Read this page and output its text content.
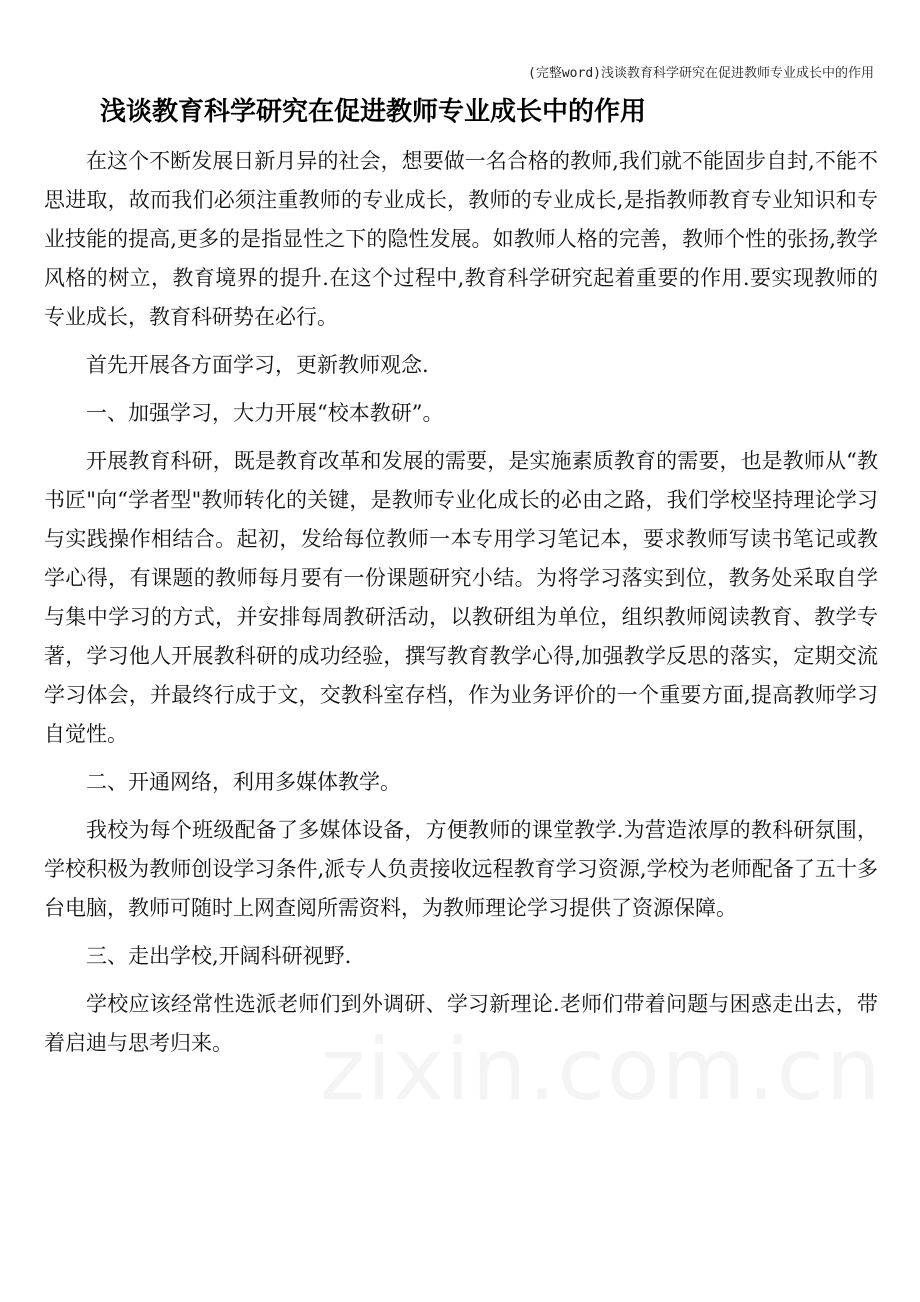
(完整word)浅谈教育科学研究在促进教师专业成长中的作用
浅谈教育科学研究在促进教师专业成长中的作用

在这个不断发展日新月异的社会，想要做一名合格的教师,我们就不能固步自封,不能不思进取，故而我们必须注重教师的专业成长，教师的专业成长,是指教师教育专业知识和专业技能的提高,更多的是指显性之下的隐性发展。如教师人格的完善，教师个性的张扬,教学风格的树立，教育境界的提升.在这个过程中,教育科学研究起着重要的作用.要实现教师的专业成长，教育科研势在必行。

首先开展各方面学习，更新教师观念.

一、加强学习，大力开展“校本教研”。

开展教育科研，既是教育改革和发展的需要，是实施素质教育的需要，也是教师从“教书匠"向“学者型"教师转化的关键，是教师专业化成长的必由之路，我们学校坚持理论学习与实践操作相结合。起初，发给每位教师一本专用学习笔记本，要求教师写读书笔记或教学心得，有课题的教师每月要有一份课题研究小结。为将学习落实到位，教务处采取自学与集中学习的方式，并安排每周教研活动，以教研组为单位，组织教师阅读教育、教学专著，学习他人开展教科研的成功经验，撰写教育教学心得,加强教学反思的落实，定期交流学习体会，并最终行成于文，交教科室存档，作为业务评价的一个重要方面,提高教师学习自觉性。

二、开通网络，利用多媒体教学。

我校为每个班级配备了多媒体设备，方便教师的课堂教学.为营造浓厚的教科研氛围，学校积极为教师创设学习条件,派专人负责接收远程教育学习资源,学校为老师配备了五十多台电脑，教师可随时上网查阅所需资料，为教师理论学习提供了资源保障。

三、走出学校,开阔科研视野.

学校应该经常性选派老师们到外调研、学习新理论.老师们带着问题与困惑走出去，带着启迪与思考归来。	zixin.com.cn
